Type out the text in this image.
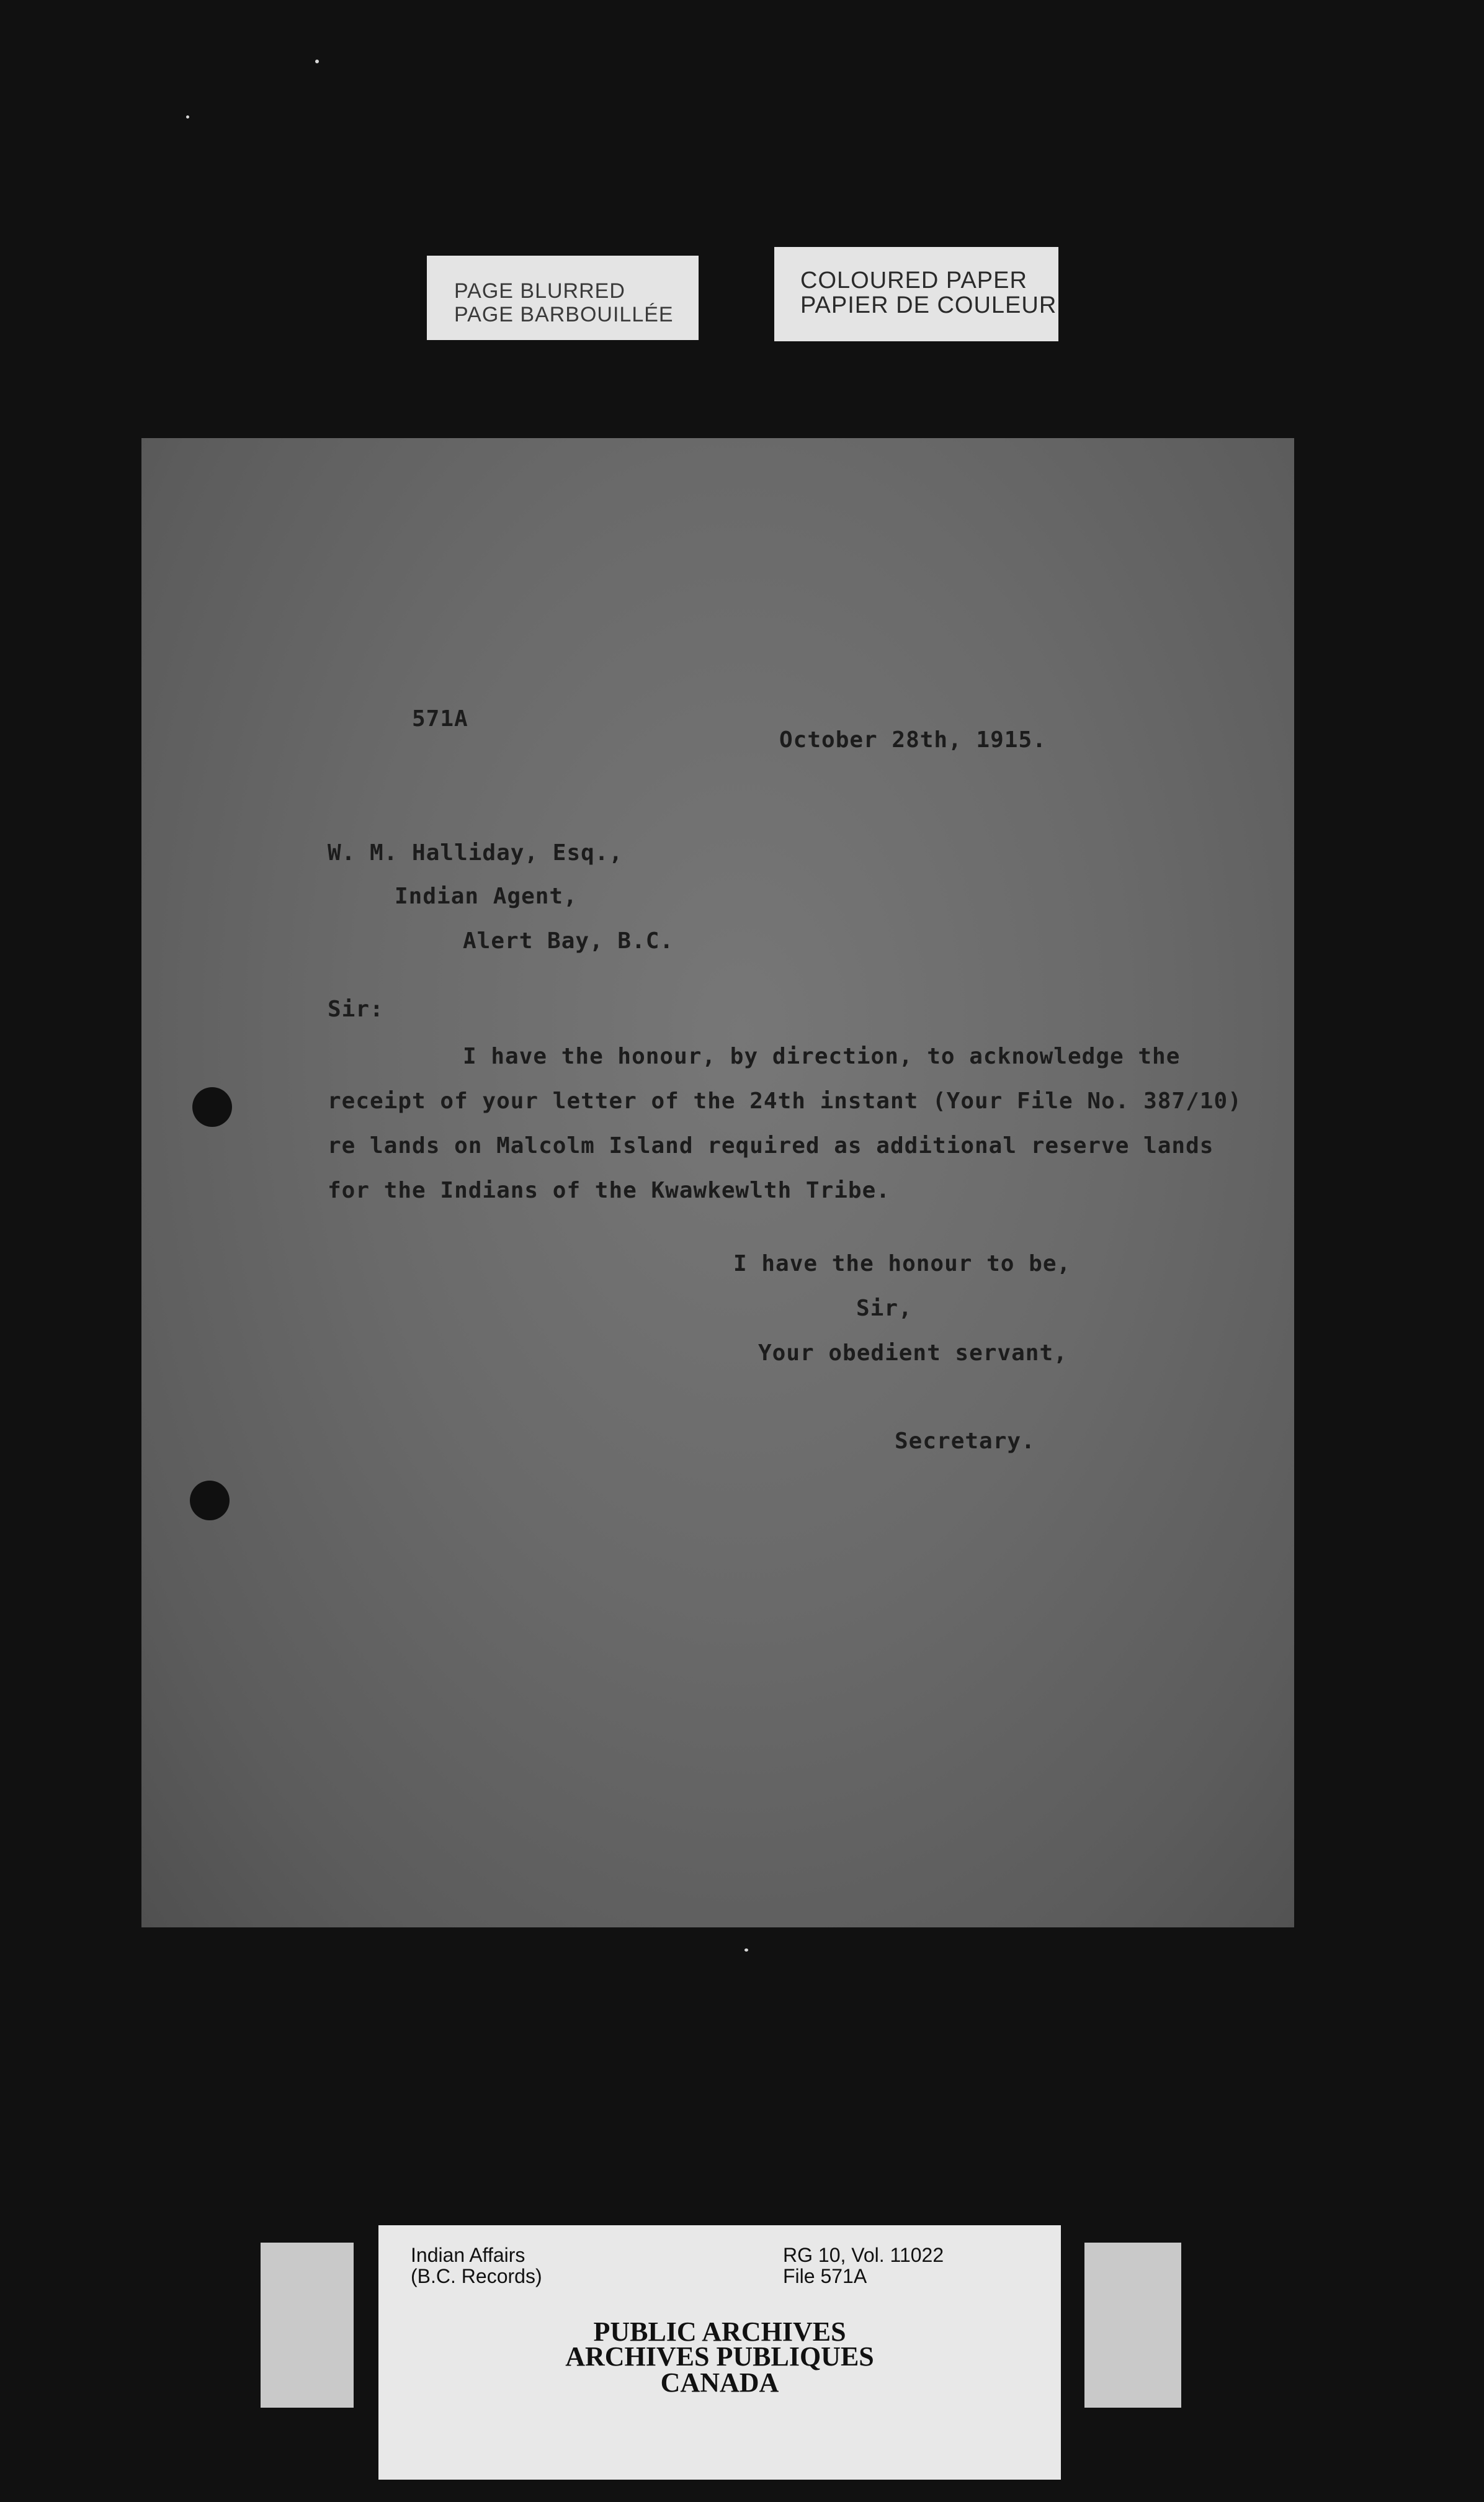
PAGE BLURRED
PAGE BARBOUILLÉE
COLOURED PAPER
PAPIER DE COULEUR
571A
October 28th, 1915.
W. M. Halliday, Esq.,
Indian Agent,
Alert Bay, B.C.
Sir:
I have the honour, by direction, to acknowledge the
receipt of your letter of the 24th instant (Your File No. 387/10)
re lands on Malcolm Island required as additional reserve lands
for the Indians of the Kwawkewlth Tribe.
I have the honour to be,
Sir,
Your obedient servant,
Secretary.
Indian Affairs
(B.C. Records)
RG 10, Vol. 11022
File 571A
PUBLIC ARCHIVES
ARCHIVES PUBLIQUES
CANADA
